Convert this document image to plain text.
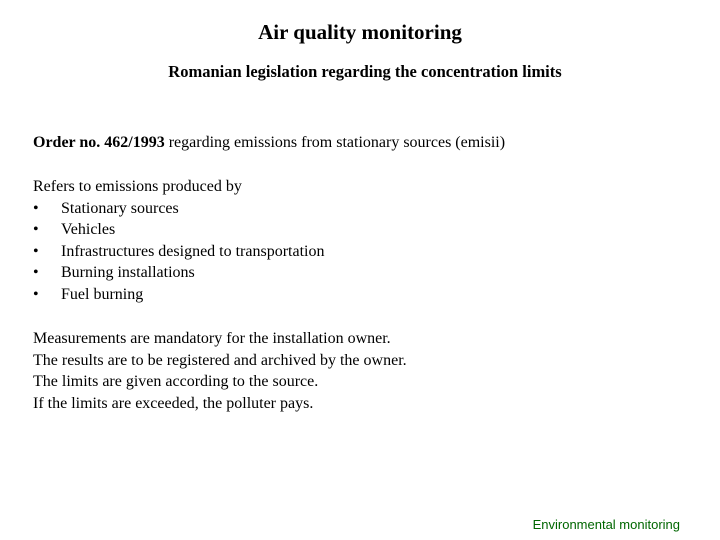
Air quality monitoring
Romanian legislation regarding the concentration limits
Order no. 462/1993 regarding emissions from stationary sources (emisii)
Refers to emissions produced by
•	Stationary sources
•	Vehicles
•	Infrastructures designed to transportation
•	Burning installations
•	Fuel burning
Measurements are mandatory for the installation owner.
The results are to be registered and archived by the owner.
The limits are given according to the source.
If the limits are exceeded, the polluter pays.
Environmental monitoring
